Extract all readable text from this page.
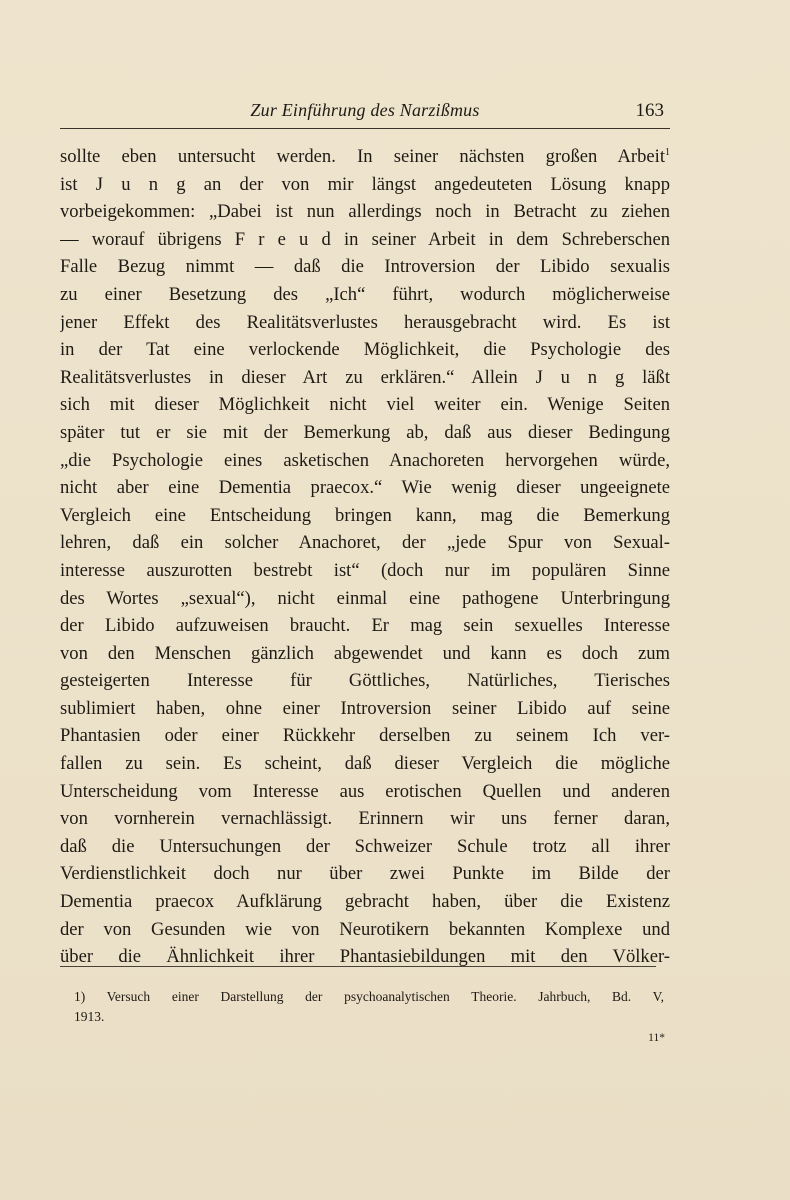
Zur Einführung des Narzißmus	163
sollte eben untersucht werden. In seiner nächsten großen Arbeit$^1$
ist J u n g an der von mir längst angedeuteten Lösung knapp
vorbeigekommen: „Dabei ist nun allerdings noch in Betracht zu ziehen
— worauf übrigens F r e u d in seiner Arbeit in dem Schreberschen
Falle Bezug nimmt — daß die Introversion der Libido sexualis
zu einer Besetzung des „Ich“ führt, wodurch möglicherweise
jener Effekt des Realitätsverlustes herausgebracht wird. Es ist
in der Tat eine verlockende Möglichkeit, die Psychologie des
Realitätsverlustes in dieser Art zu erklären.“ Allein J u n g läßt
sich mit dieser Möglichkeit nicht viel weiter ein. Wenige Seiten
später tut er sie mit der Bemerkung ab, daß aus dieser Bedingung
„die Psychologie eines asketischen Anachoreten hervorgehen würde,
nicht aber eine Dementia praecox.“ Wie wenig dieser ungeeignete
Vergleich eine Entscheidung bringen kann, mag die Bemerkung
lehren, daß ein solcher Anachoret, der „jede Spur von Sexual-
interesse auszurotten bestrebt ist“ (doch nur im populären Sinne
des Wortes „sexual“), nicht einmal eine pathogene Unterbringung
der Libido aufzuweisen braucht. Er mag sein sexuelles Interesse
von den Menschen gänzlich abgewendet und kann es doch zum
gesteigerten Interesse für Göttliches, Natürliches, Tierisches
sublimiert haben, ohne einer Introversion seiner Libido auf seine
Phantasien oder einer Rückkehr derselben zu seinem Ich ver-
fallen zu sein. Es scheint, daß dieser Vergleich die mögliche
Unterscheidung vom Interesse aus erotischen Quellen und anderen
von vornherein vernachlässigt. Erinnern wir uns ferner daran,
daß die Untersuchungen der Schweizer Schule trotz all ihrer
Verdienstlichkeit doch nur über zwei Punkte im Bilde der
Dementia praecox Aufklärung gebracht haben, über die Existenz
der von Gesunden wie von Neurotikern bekannten Komplexe und
über die Ähnlichkeit ihrer Phantasiebildungen mit den Völker-
1) Versuch einer Darstellung der psychoanalytischen Theorie. Jahrbuch, Bd. V,
1913.
11*
